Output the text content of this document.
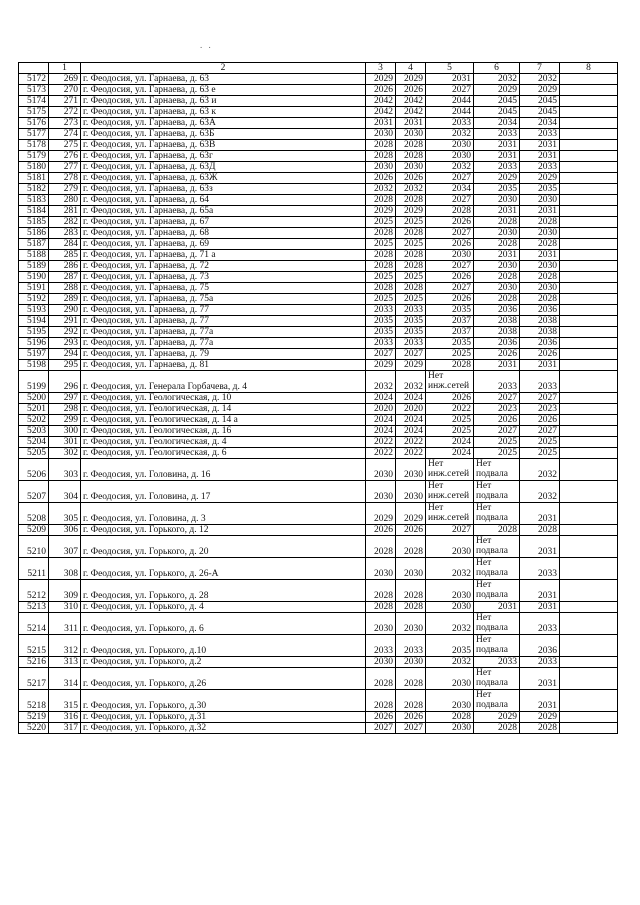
. .
	1	2	3	4	5	6	7	8
5172	269	г. Феодосия, ул. Гарнаева, д. 63	2029	2029	2031	2032	2032	
5173	270	г. Феодосия, ул. Гарнаева, д. 63 е	2026	2026	2027	2029	2029	
5174	271	г. Феодосия, ул. Гарнаева, д. 63 и	2042	2042	2044	2045	2045	
5175	272	г. Феодосия, ул. Гарнаева, д. 63 к	2042	2042	2044	2045	2045	
5176	273	г. Феодосия, ул. Гарнаева, д. 63А	2031	2031	2033	2034	2034	
5177	274	г. Феодосия, ул. Гарнаева, д. 63Б	2030	2030	2032	2033	2033	
5178	275	г. Феодосия, ул. Гарнаева, д. 63В	2028	2028	2030	2031	2031	
5179	276	г. Феодосия, ул. Гарнаева, д. 63г	2028	2028	2030	2031	2031	
5180	277	г. Феодосия, ул. Гарнаева, д. 63Д	2030	2030	2032	2033	2033	
5181	278	г. Феодосия, ул. Гарнаева, д. 63Ж	2026	2026	2027	2029	2029	
5182	279	г. Феодосия, ул. Гарнаева, д. 63з	2032	2032	2034	2035	2035	
5183	280	г. Феодосия, ул. Гарнаева, д. 64	2028	2028	2027	2030	2030	
5184	281	г. Феодосия, ул. Гарнаева, д. 65а	2029	2029	2028	2031	2031	
5185	282	г. Феодосия, ул. Гарнаева, д. 67	2025	2025	2026	2028	2028	
5186	283	г. Феодосия, ул. Гарнаева, д. 68	2028	2028	2027	2030	2030	
5187	284	г. Феодосия, ул. Гарнаева, д. 69	2025	2025	2026	2028	2028	
5188	285	г. Феодосия, ул. Гарнаева, д. 71 а	2028	2028	2030	2031	2031	
5189	286	г. Феодосия, ул. Гарнаева, д. 72	2028	2028	2027	2030	2030	
5190	287	г. Феодосия, ул. Гарнаева, д. 73	2025	2025	2026	2028	2028	
5191	288	г. Феодосия, ул. Гарнаева, д. 75	2028	2028	2027	2030	2030	
5192	289	г. Феодосия, ул. Гарнаева, д. 75а	2025	2025	2026	2028	2028	
5193	290	г. Феодосия, ул. Гарнаева, д. 77	2033	2033	2035	2036	2036	
5194	291	г. Феодосия, ул. Гарнаева, д. 77	2035	2035	2037	2038	2038	
5195	292	г. Феодосия, ул. Гарнаева, д. 77а	2035	2035	2037	2038	2038	
5196	293	г. Феодосия, ул. Гарнаева, д. 77а	2033	2033	2035	2036	2036	
5197	294	г. Феодосия, ул. Гарнаева, д. 79	2027	2027	2025	2026	2026	
5198	295	г. Феодосия, ул. Гарнаева, д. 81	2029	2029	2028	2031	2031	
5199	296	г. Феодосия, ул. Генерала Горбачева, д. 4	2032	2032	Нет инж.сетей	2033	2033	
5200	297	г. Феодосия, ул. Геологическая, д. 10	2024	2024	2026	2027	2027	
5201	298	г. Феодосия, ул. Геологическая, д. 14	2020	2020	2022	2023	2023	
5202	299	г. Феодосия, ул. Геологическая, д. 14 а	2024	2024	2025	2026	2026	
5203	300	г. Феодосия, ул. Геологическая, д. 16	2024	2024	2025	2027	2027	
5204	301	г. Феодосия, ул. Геологическая, д. 4	2022	2022	2024	2025	2025	
5205	302	г. Феодосия, ул. Геологическая, д. 6	2022	2022	2024	2025	2025	
5206	303	г. Феодосия, ул. Головина, д. 16	2030	2030	Нет инж.сетей	Нет подвала	2032	
5207	304	г. Феодосия, ул. Головина, д. 17	2030	2030	Нет инж.сетей	Нет подвала	2032	
5208	305	г. Феодосия, ул. Головина, д. 3	2029	2029	Нет инж.сетей	Нет подвала	2031	
5209	306	г. Феодосия, ул. Горького, д. 12	2026	2026	2027	2028	2028	
5210	307	г. Феодосия, ул. Горького, д. 20	2028	2028	2030	Нет подвала	2031	
5211	308	г. Феодосия, ул. Горького, д. 26-А	2030	2030	2032	Нет подвала	2033	
5212	309	г. Феодосия, ул. Горького, д. 28	2028	2028	2030	Нет подвала	2031	
5213	310	г. Феодосия, ул. Горького, д. 4	2028	2028	2030	2031	2031	
5214	311	г. Феодосия, ул. Горького, д. 6	2030	2030	2032	Нет подвала	2033	
5215	312	г. Феодосия, ул. Горького, д.10	2033	2033	2035	Нет подвала	2036	
5216	313	г. Феодосия, ул. Горького, д.2	2030	2030	2032	2033	2033	
5217	314	г. Феодосия, ул. Горького, д.26	2028	2028	2030	Нет подвала	2031	
5218	315	г. Феодосия, ул. Горького, д.30	2028	2028	2030	Нет подвала	2031	
5219	316	г. Феодосия, ул. Горького, д.31	2026	2026	2028	2029	2029	
5220	317	г. Феодосия, ул. Горького, д.32	2027	2027	2030	2028	2028	
